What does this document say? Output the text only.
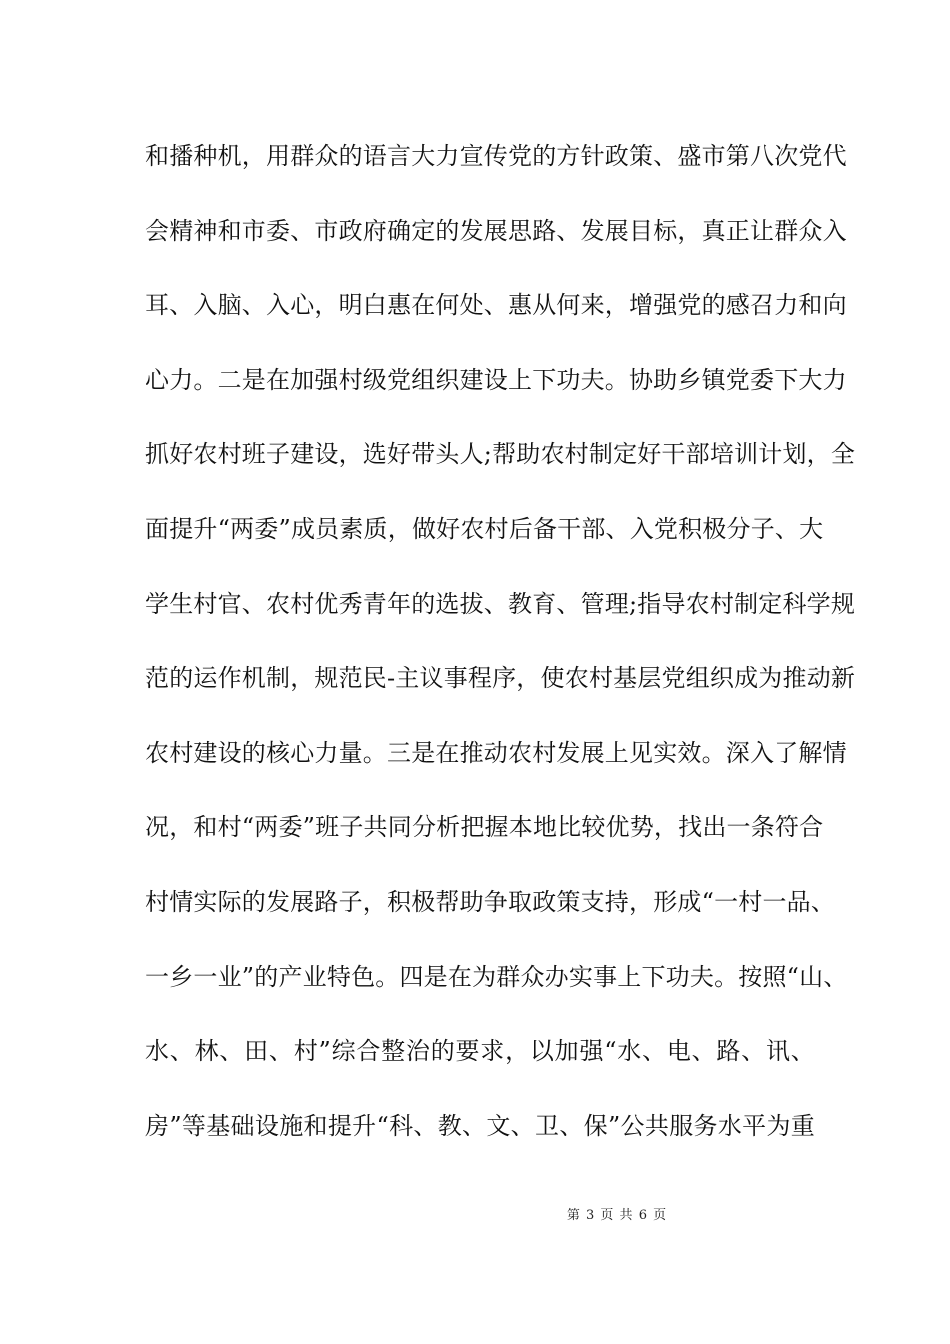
和播种机，用群众的语言大力宣传党的方针政策、盛市第八次党代
会精神和市委、市政府确定的发展思路、发展目标，真正让群众入
耳、入脑、入心，明白惠在何处、惠从何来，增强党的感召力和向
心力。二是在加强村级党组织建设上下功夫。协助乡镇党委下大力
抓好农村班子建设，选好带头人;帮助农村制定好干部培训计划，全
面提升“两委”成员素质，做好农村后备干部、入党积极分子、大
学生村官、农村优秀青年的选拔、教育、管理;指导农村制定科学规
范的运作机制，规范民-主议事程序，使农村基层党组织成为推动新
农村建设的核心力量。三是在推动农村发展上见实效。深入了解情
况，和村“两委”班子共同分析把握本地比较优势，找出一条符合
村情实际的发展路子，积极帮助争取政策支持，形成“一村一品、
一乡一业”的产业特色。四是在为群众办实事上下功夫。按照“山、
水、林、田、村”综合整治的要求，以加强“水、电、路、讯、
房”等基础设施和提升“科、教、文、卫、保”公共服务水平为重
第 3 页 共 6 页
